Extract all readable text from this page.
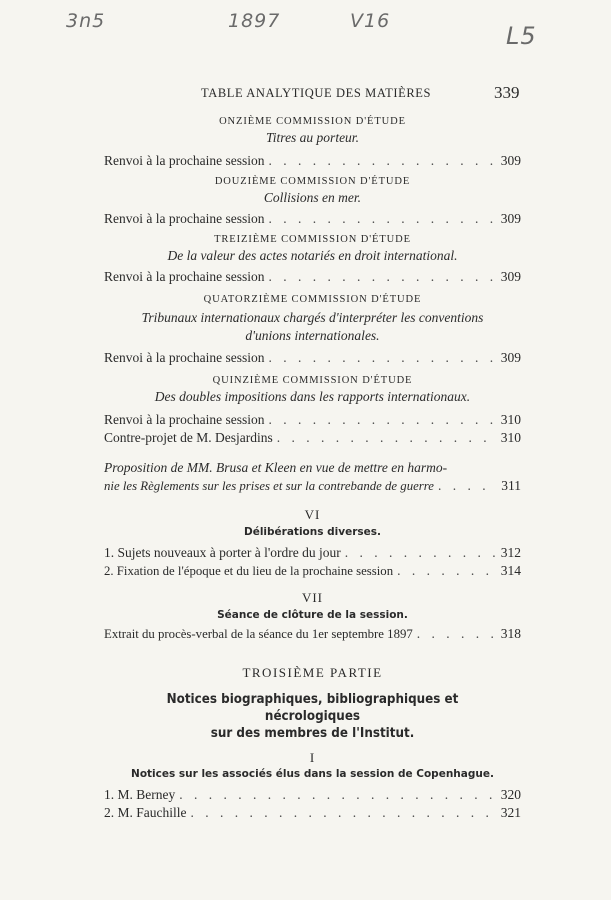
3n5	1897	V16
L5
TABLE ANALYTIQUE DES MATIÈRES	339
ONZIÈME COMMISSION D'ÉTUDE
Titres au porteur.
Renvoi à la prochaine session . . .	309
DOUZIÈME COMMISSION D'ÉTUDE
Collisions en mer.
Renvoi à la prochaine session . . .	309
TREIZIÈME COMMISSION D'ÉTUDE
De la valeur des actes notariés en droit international.
Renvoi à la prochaine session . . .	309
QUATORZIÈME COMMISSION D'ÉTUDE
Tribunaux internationaux chargés d'interpréter les conventions
d'unions internationales.
Renvoi à la prochaine session . . .	309
QUINZIÈME COMMISSION D'ÉTUDE
Des doubles impositions dans les rapports internationaux.
Renvoi à la prochaine session . . .	310
Contre-projet de M. Desjardins . . .	310
Proposition de MM. Brusa et Kleen en vue de mettre en harmo-
nie les Règlements sur les prises et sur la contrebande de guerre . . .	311
VI
Délibérations diverses.
1. Sujets nouveaux à porter à l'ordre du jour . . .	312
2. Fixation de l'époque et du lieu de la prochaine session . . .	314
VII
Séance de clôture de la session.
Extrait du procès-verbal de la séance du 1er septembre 1897 . . .	318
TROISIÈME PARTIE
Notices biographiques, bibliographiques et nécrologiques
sur des membres de l'Institut.
I
Notices sur les associés élus dans la session de Copenhague.
1. M. Berney . . .	320
2. M. Fauchille . . .	321
